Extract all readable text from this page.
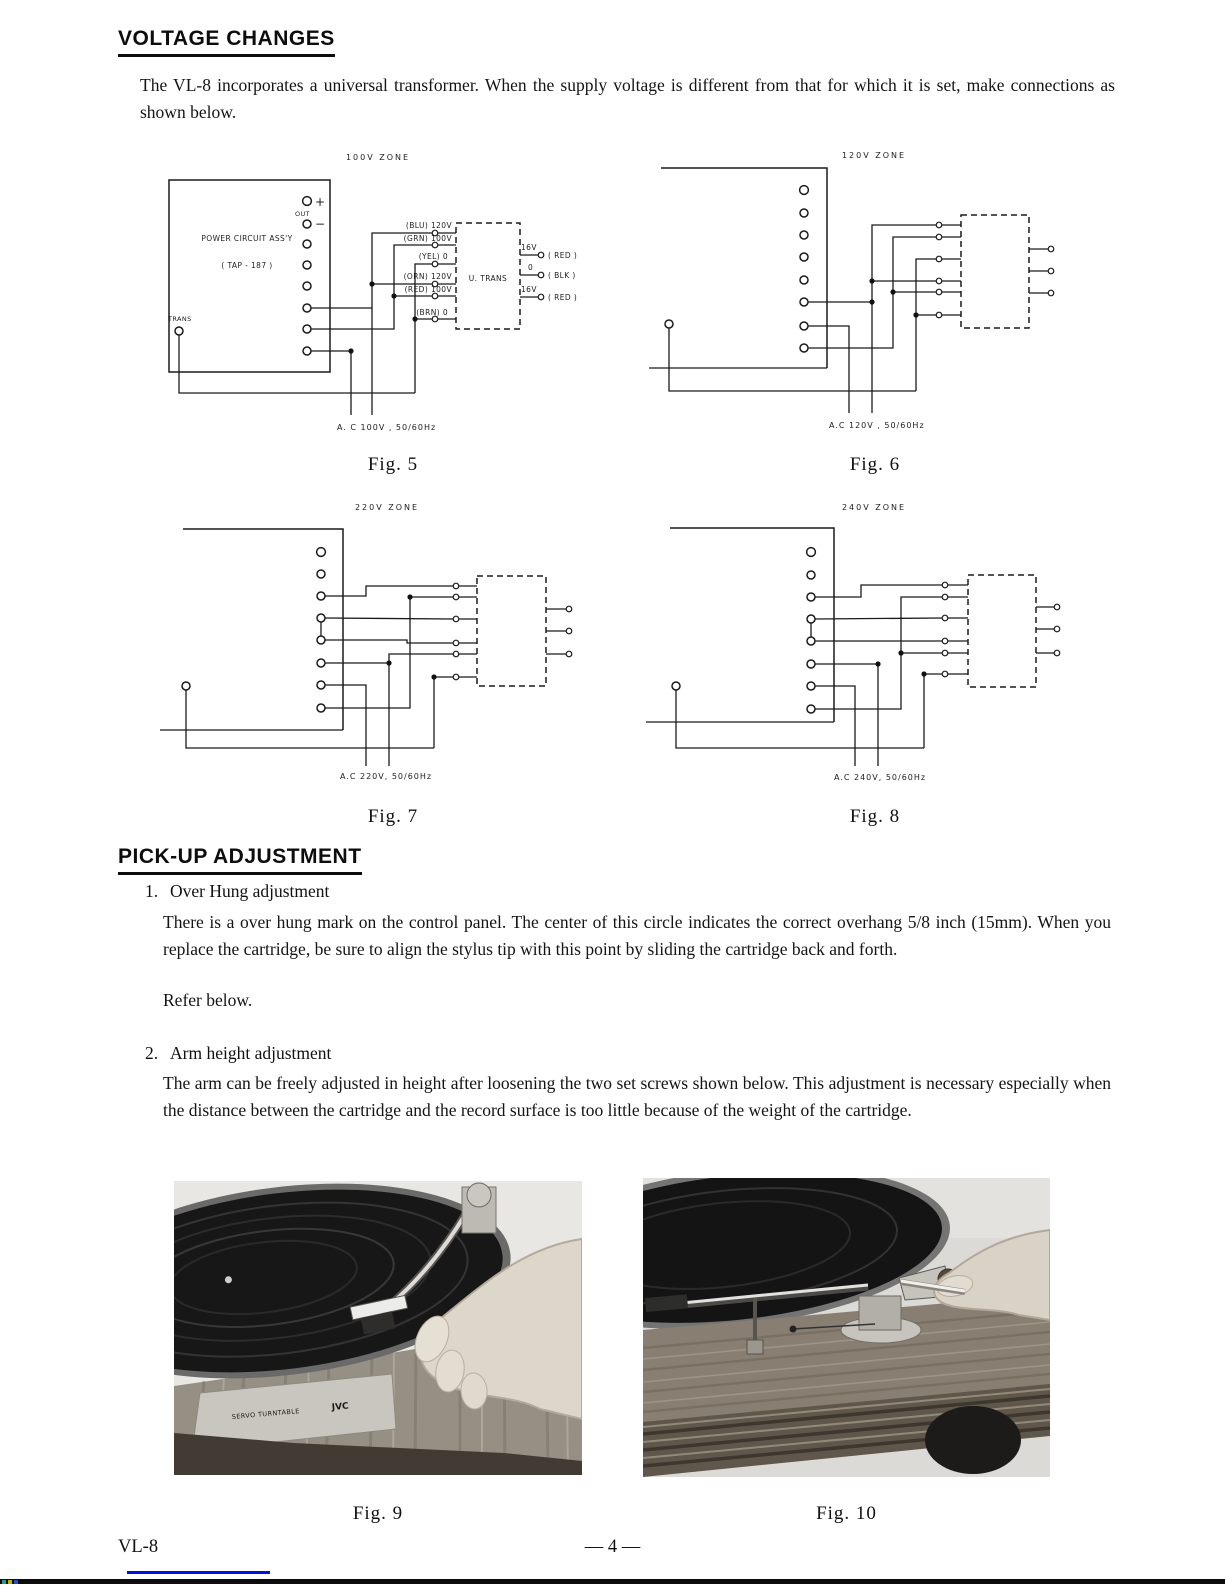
VOLTAGE CHANGES
The VL-8 incorporates a universal transformer. When the supply voltage is different from that for which it is set, make connections as shown below.
100V ZONE
POWER CIRCUIT ASS'Y
( TAP - 187 )
+
−
OUT
TRANS
U. TRANS
(BLU) 120V
(GRN) 100V
(YEL) 0
(ORN) 120V
(RED) 100V
(BRN) 0
16V
( RED )
0
( BLK )
16V
( RED )
A. C 100V , 50/60Hz
Fig. 5
120V ZONE
A.C 120V , 50/60Hz
Fig. 6
220V ZONE
A.C 220V, 50/60Hz
Fig. 7
240V ZONE
A.C 240V, 50/60Hz
Fig. 8
PICK-UP ADJUSTMENT
1. Over Hung adjustment
There is a over hung mark on the control panel. The center of this circle indicates the correct overhang 5/8 inch (15mm). When you replace the cartridge, be sure to align the stylus tip with this point by sliding the cartridge back and forth.
Refer below.
2. Arm height adjustment
The arm can be freely adjusted in height after loosening the two set screws shown below. This adjustment is necessary especially when the distance between the cartridge and the record surface is too little because of the weight of the cartridge.
SERVO TURNTABLE	JVC
Fig. 9	Fig. 10
VL-8	— 4 —
